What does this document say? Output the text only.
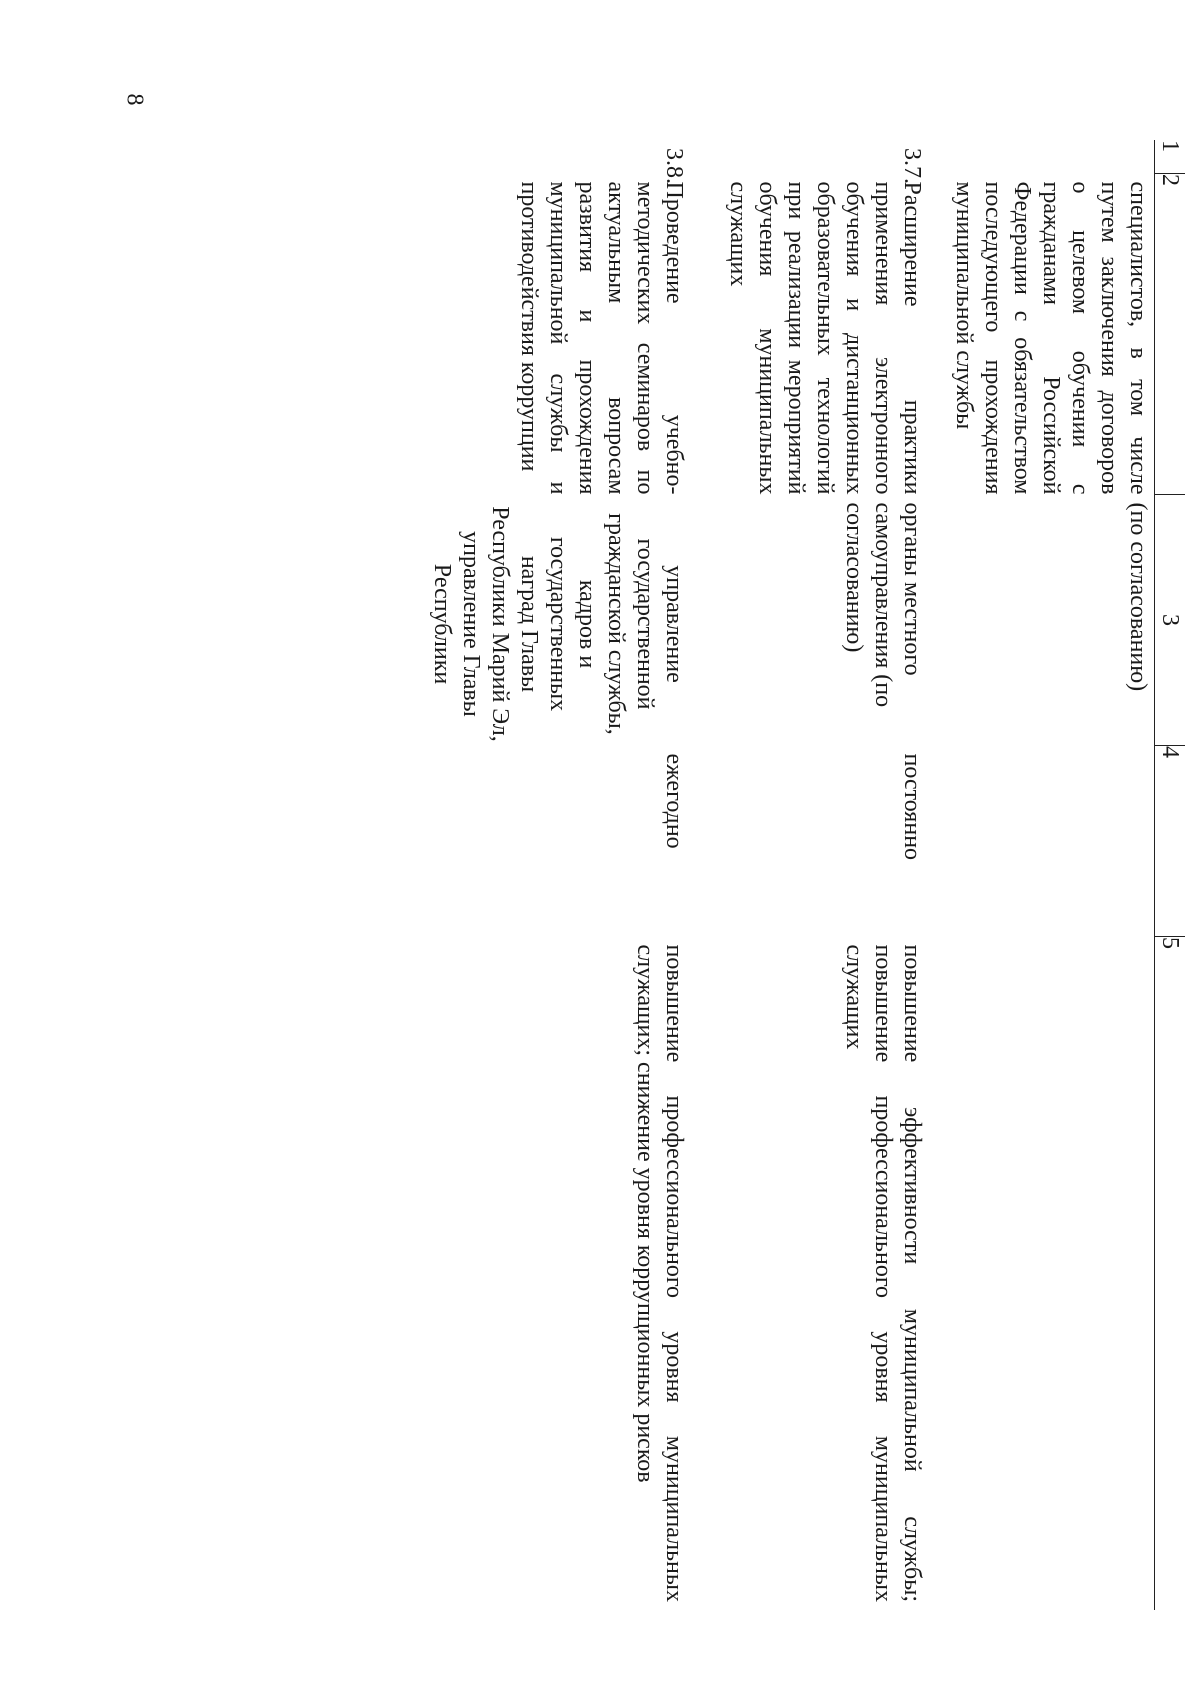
8
1	2	3	4	5
	специалистов, в том числе путем заключения договоров о целевом обучении с гражданами Российской Федерации с обязательством последующего прохождения муниципальной службы	(по согласованию)		
3.7.	Расширение практики применения электронного обучения и дистанционных образовательных технологий при реализации мероприятий обучения муниципальных служащих	органы местного самоуправления (по согласованию)	постоянно	повышение эффективности муниципальной службы; повышение профессионального уровня муниципальных служащих
3.8.	Проведение учебно-методических семинаров по актуальным вопросам развития и прохождения муниципальной службы и противодействия коррупции	управление государственной гражданской службы, кадров и государственных наград Главы Республики Марий Эл, управление Главы Республики	ежегодно	повышение профессионального уровня муниципальных служащих; снижение уровня коррупционных рисков
